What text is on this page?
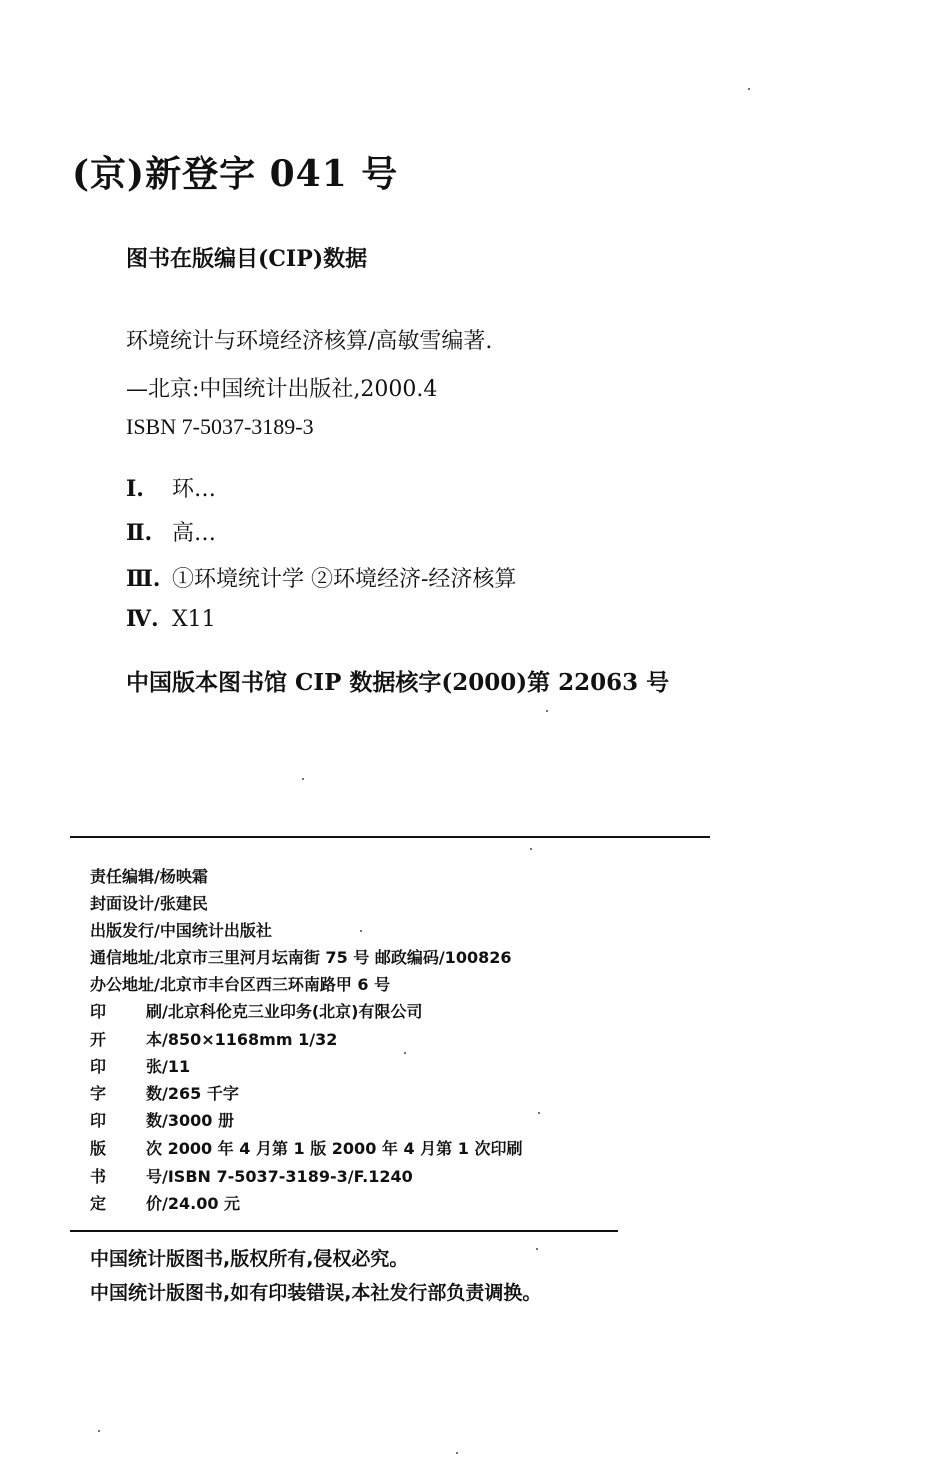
(京)新登字 041 号
图书在版编目(CIP)数据
环境统计与环境经济核算/高敏雪编著.
—北京:中国统计出版社,2000.4
ISBN 7-5037-3189-3
Ⅰ. 环…
Ⅱ. 高…
Ⅲ. ①环境统计学 ②环境经济-经济核算
Ⅳ. X11
中国版本图书馆 CIP 数据核字(2000)第 22063 号
责任编辑/杨映霜
封面设计/张建民
出版发行/中国统计出版社
通信地址/北京市三里河月坛南街 75 号 邮政编码/100826
办公地址/北京市丰台区西三环南路甲 6 号
印 刷/北京科伦克三业印务(北京)有限公司
开 本/850×1168mm 1/32
印 张/11
字 数/265 千字
印 数/3000 册
版 次 2000 年 4 月第 1 版 2000 年 4 月第 1 次印刷
书 号/ISBN 7-5037-3189-3/F.1240
定 价/24.00 元
中国统计版图书,版权所有,侵权必究。
中国统计版图书,如有印装错误,本社发行部负责调换。
